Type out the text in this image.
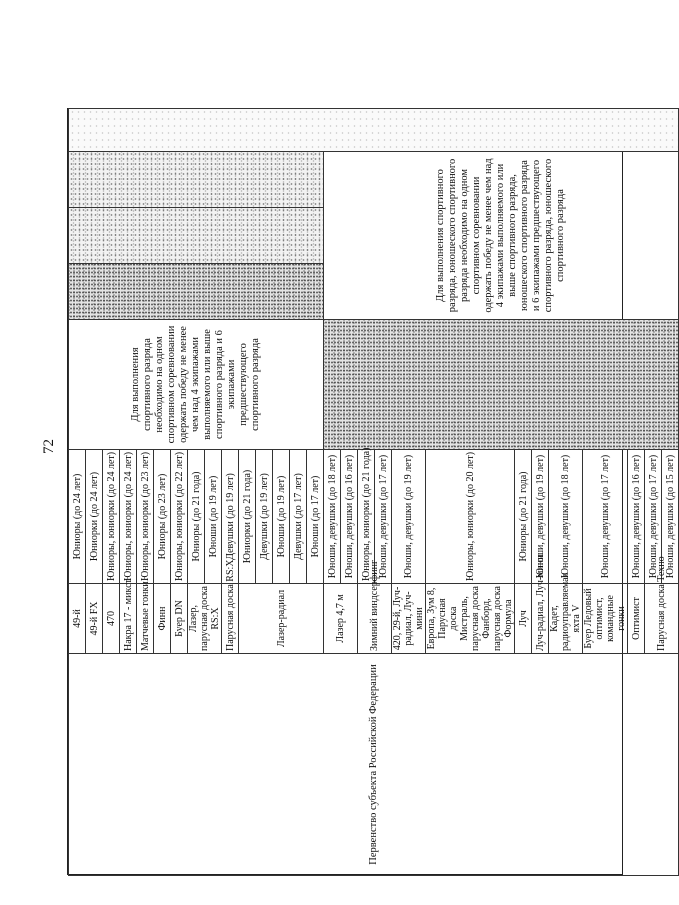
72
Первенство субъекта Российской Федерации	49-й	Юниоры (до 24 лет)	Для выполнения спортивного разряда необходимо на одном спортивном соревновании одержать победу не менее чем над 4 экипажами выполняемого или выше спортивного разряда и 6 экипажами предшествующего спортивного разряда				
	49-й FX	Юниорки (до 24 лет)					
	470	Юниоры, юниорки (до 24 лет)					
	Накра 17 - микст	Юниоры, юниорки (до 24 лет)					
	Матчевые гонки	Юниоры, юниорки (до 23 лет)					
	Финн	Юниоры (до 23 лет)					
	Буер DN	Юниоры, юниорки (до 22 лет)					
	Лазер, парусная доска RS:X	Юниоры (до 21 года)					
		Юноши (до 19 лет)					
	Парусная доска RS:X	Девушки (до 19 лет)					
	Лазер-радиал	Юниорки (до 21 года)					
		Девушки (до 19 лет)					
		Юноши (до 19 лет)					
		Девушки (до 17 лет)					
		Юноши (до 17 лет)					
	Лазер 4,7 м	Юноши, девушки (до 18 лет)		Для выполнения спортивного разряда, юношеского спортивного разряда необходимо на одном спортивном соревновании одержать победу не менее чем над 4 экипажами выполняемого или выше спортивного разряда, юношеского спортивного разряда и 6 экипажами предшествующего спортивного разряда, юношеского спортивного разряда			
		Юноши, девушки (до 16 лет)					
	Зимний виндсерфинг	Юниоры, юниорки (до 21 года)					
		Юноши, девушки (до 17 лет)					
	420, 29-й, Луч-радиал, Луч-мини	Юноши, девушки (до 19 лет)					
	Европа, Зум 8, Парусная доска Мистраль, парусная доска Фанборд, парусная доска Формула	Юниоры, юниорки (до 20 лет)					
	Луч	Юниоры (до 21 года)					
	Луч-радиал, Луч-мини	Юноши, девушки (до 19 лет)					
	Кадет, радиоуправляемая яхта V	Юноши, девушки (до 18 лет)					
	Буер Ледовый оптимист, командные гонки	Юноши, девушки (до 17 лет)					
	Оптимист	Юноши, девушки (до 16 лет)					
	Парусная доска Техно	Юноши, девушки (до 17 лет)					
		Юноши, девушки (до 15 лет)					
